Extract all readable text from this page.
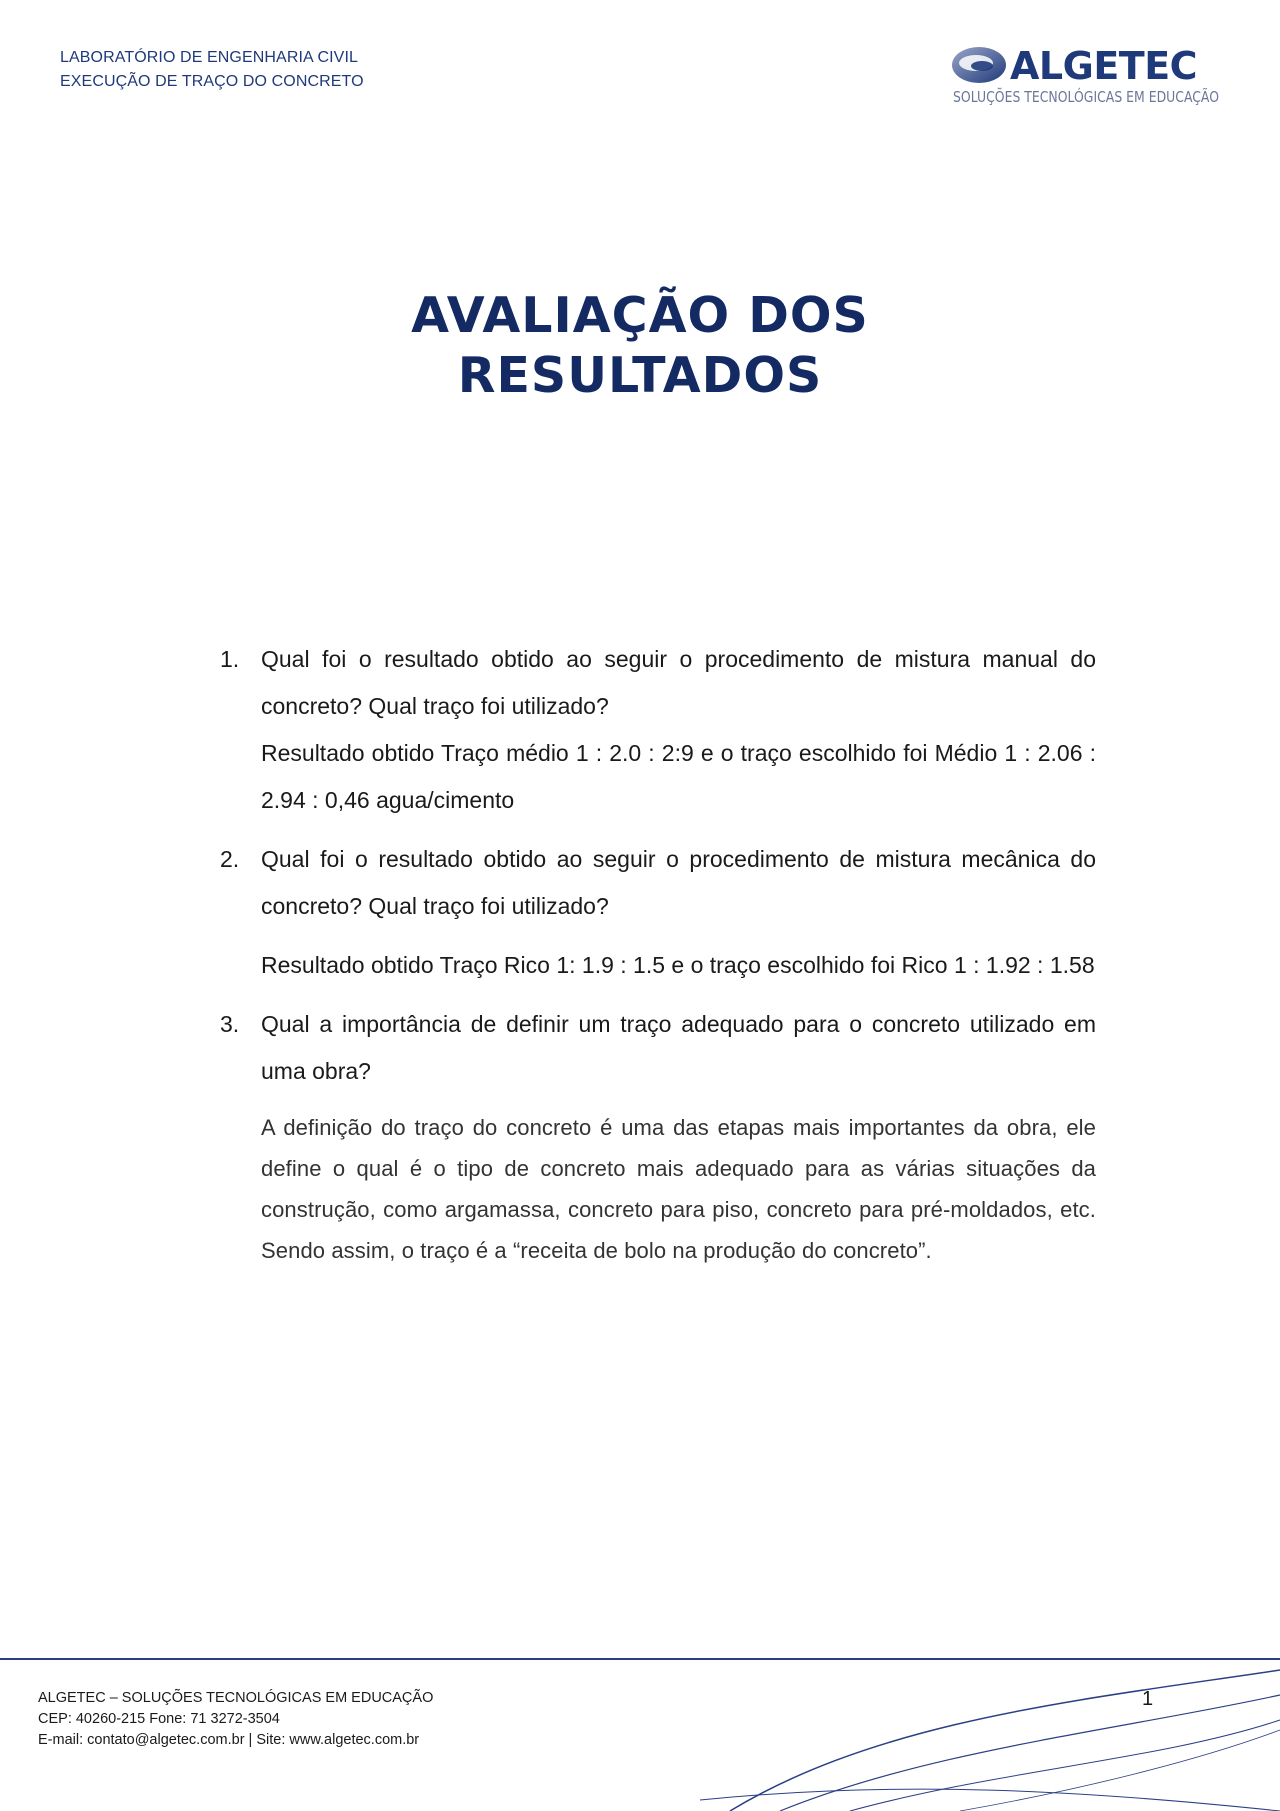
LABORATÓRIO DE ENGENHARIA CIVIL
EXECUÇÃO DE TRAÇO DO CONCRETO	ALGETEC
SOLUÇÕES TECNOLÓGICAS EM EDUCAÇÃO
AVALIAÇÃO DOS
RESULTADOS
1. Qual foi o resultado obtido ao seguir o procedimento de mistura manual do concreto? Qual traço foi utilizado?
Resultado obtido Traço médio 1 : 2.0 : 2:9 e o traço escolhido foi Médio 1 : 2.06 : 2.94 : 0,46 agua/cimento
2. Qual foi o resultado obtido ao seguir o procedimento de mistura mecânica do concreto? Qual traço foi utilizado?
Resultado obtido Traço Rico 1: 1.9 : 1.5 e o traço escolhido foi Rico 1 : 1.92 : 1.58
3. Qual a importância de definir um traço adequado para o concreto utilizado em uma obra?
A definição do traço do concreto é uma das etapas mais importantes da obra, ele define o qual é o tipo de concreto mais adequado para as várias situações da construção, como argamassa, concreto para piso, concreto para pré-moldados, etc. Sendo assim, o traço é a “receita de bolo na produção do concreto”.
ALGETEC – SOLUÇÕES TECNOLÓGICAS EM EDUCAÇÃO
CEP: 40260-215 Fone: 71 3272-3504
E-mail: contato@algetec.com.br | Site: www.algetec.com.br
1
